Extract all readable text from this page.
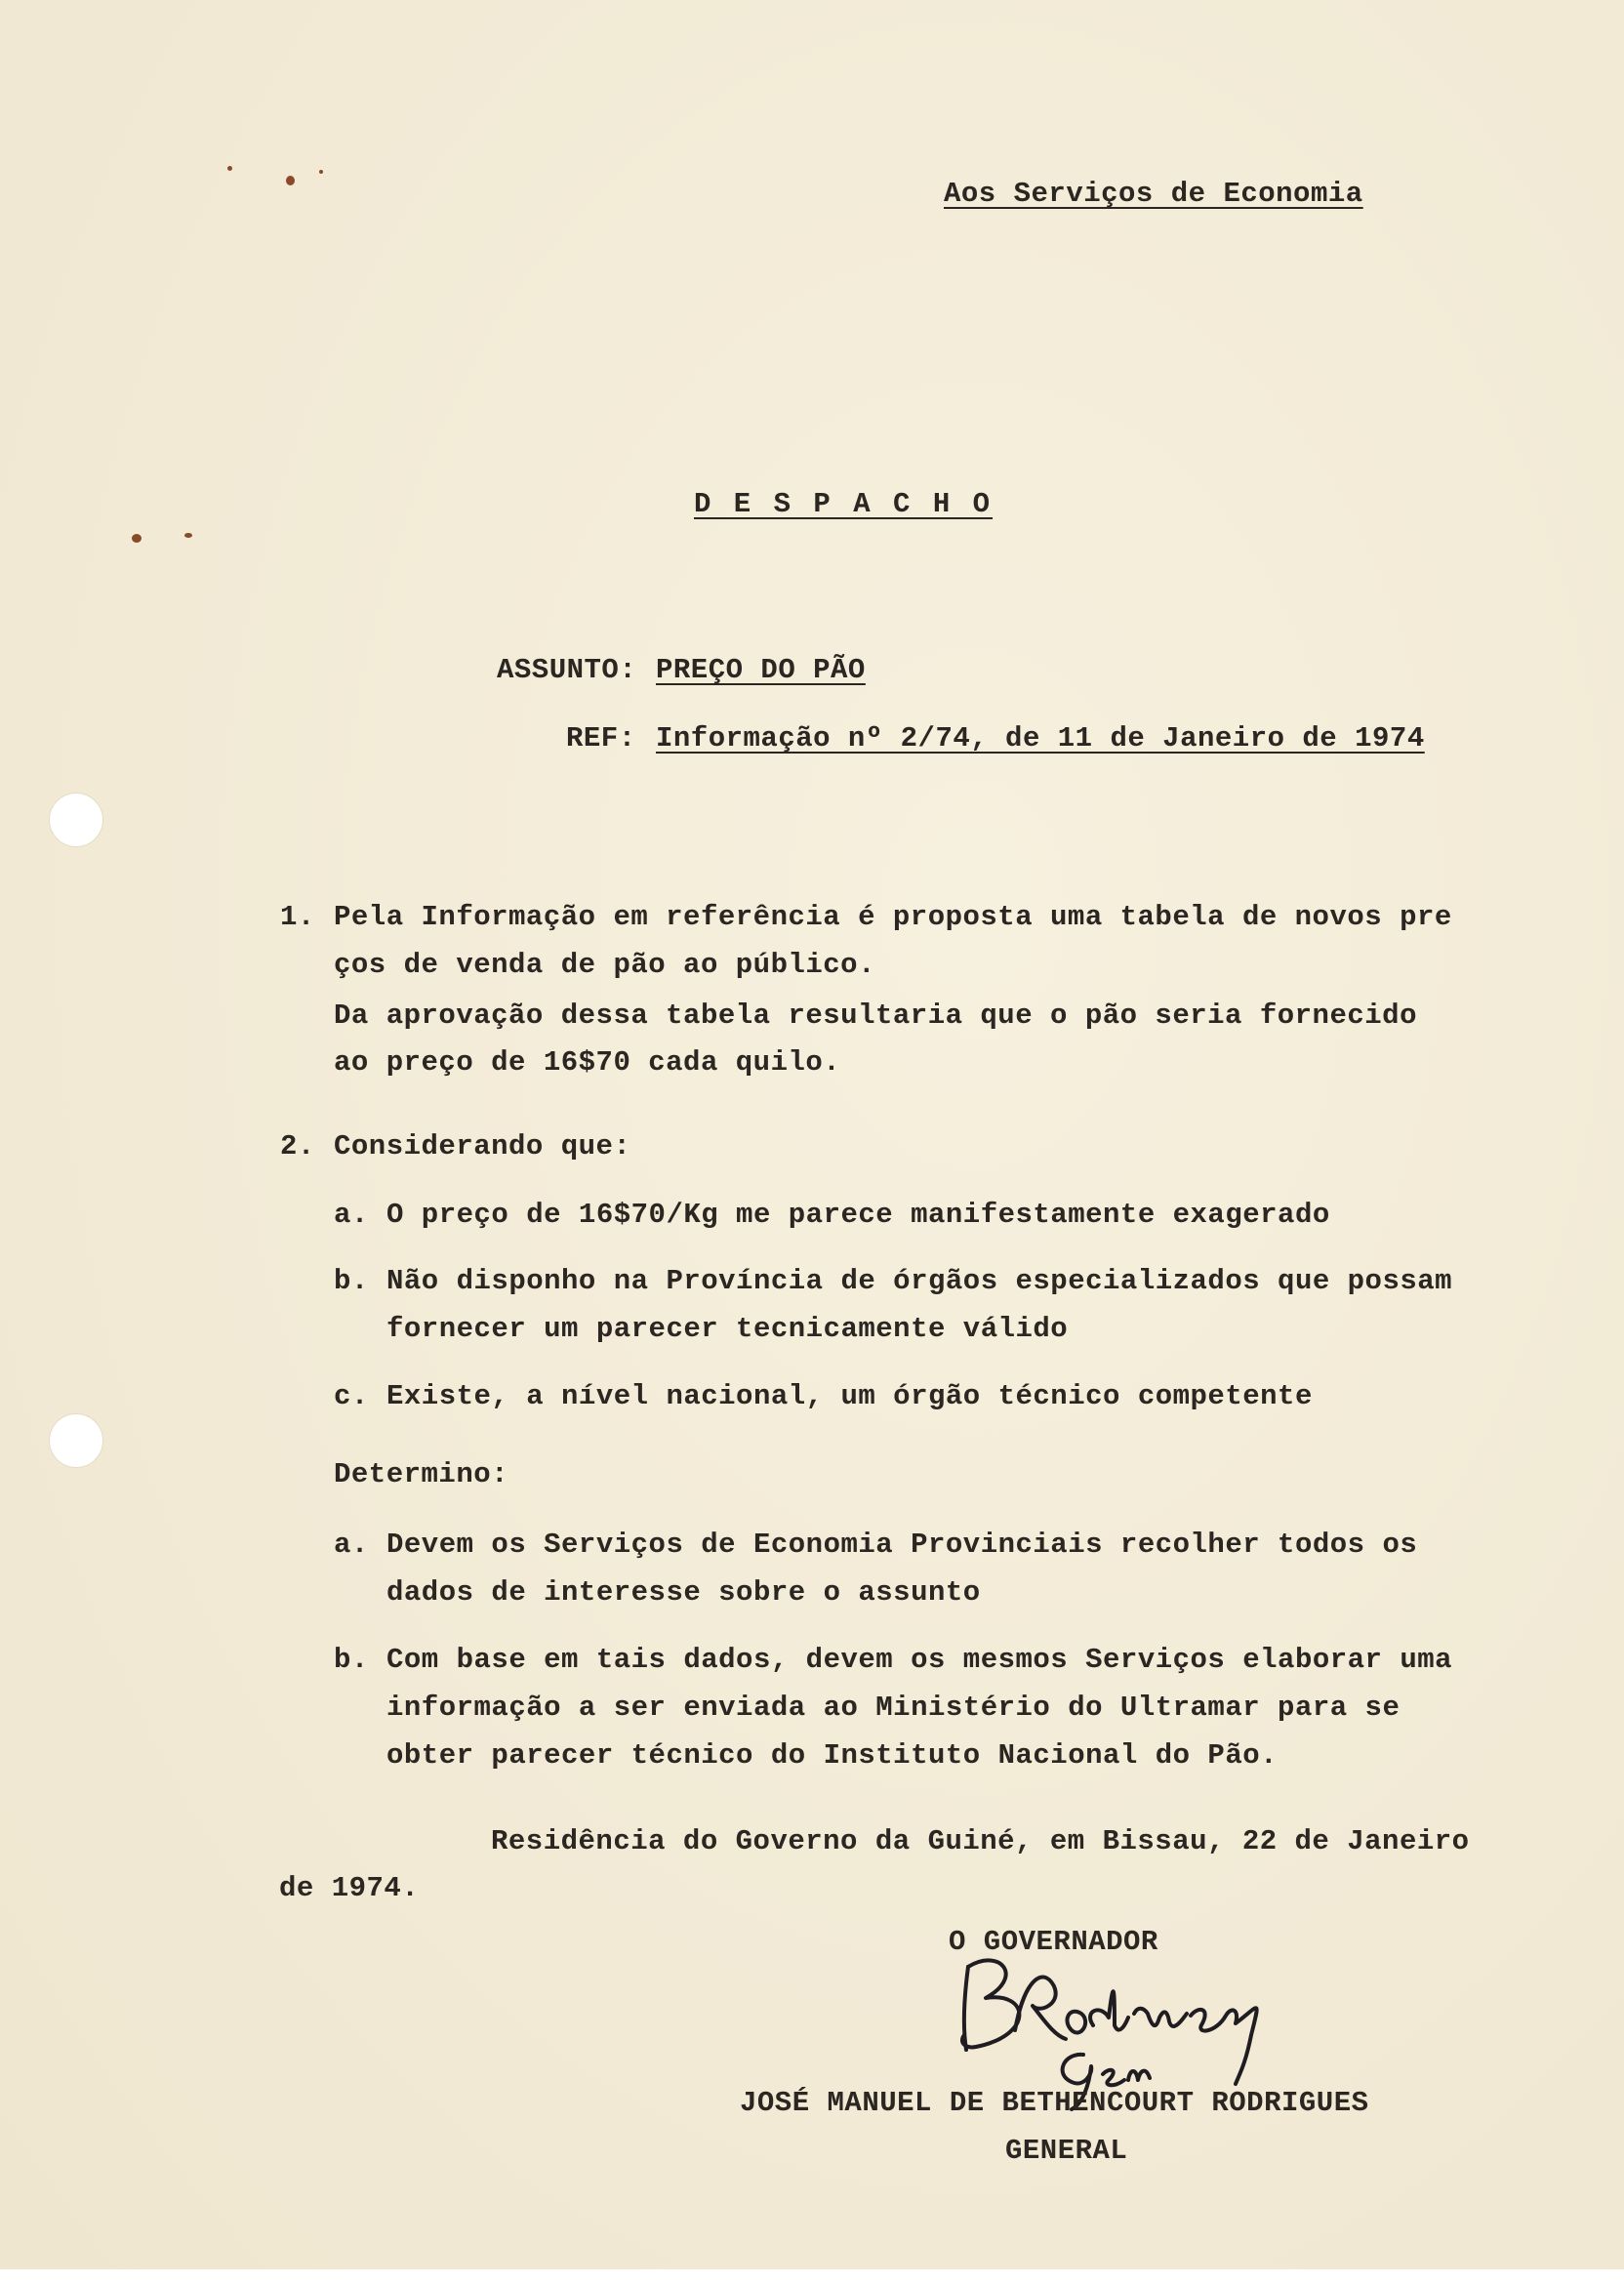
Aos Serviços de Economia
D E S P A C H O
ASSUNTO: PREÇO DO PÃO
REF: Informação nº 2/74, de 11 de Janeiro de 1974
1. Pela Informação em referência é proposta uma tabela de novos pre
ços de venda de pão ao público.
Da aprovação dessa tabela resultaria que o pão seria fornecido
ao preço de 16$70 cada quilo.
2. Considerando que:
a. O preço de 16$70/Kg me parece manifestamente exagerado
b. Não disponho na Província de órgãos especializados que possam
fornecer um parecer tecnicamente válido
c. Existe, a nível nacional, um órgão técnico competente
Determino:
a. Devem os Serviços de Economia Provinciais recolher todos os
dados de interesse sobre o assunto
b. Com base em tais dados, devem os mesmos Serviços elaborar uma
informação a ser enviada ao Ministério do Ultramar para se
obter parecer técnico do Instituto Nacional do Pão.
Residência do Governo da Guiné, em Bissau, 22 de Janeiro
de 1974.
O GOVERNADOR
JOSÉ MANUEL DE BETHENCOURT RODRIGUES
GENERAL
